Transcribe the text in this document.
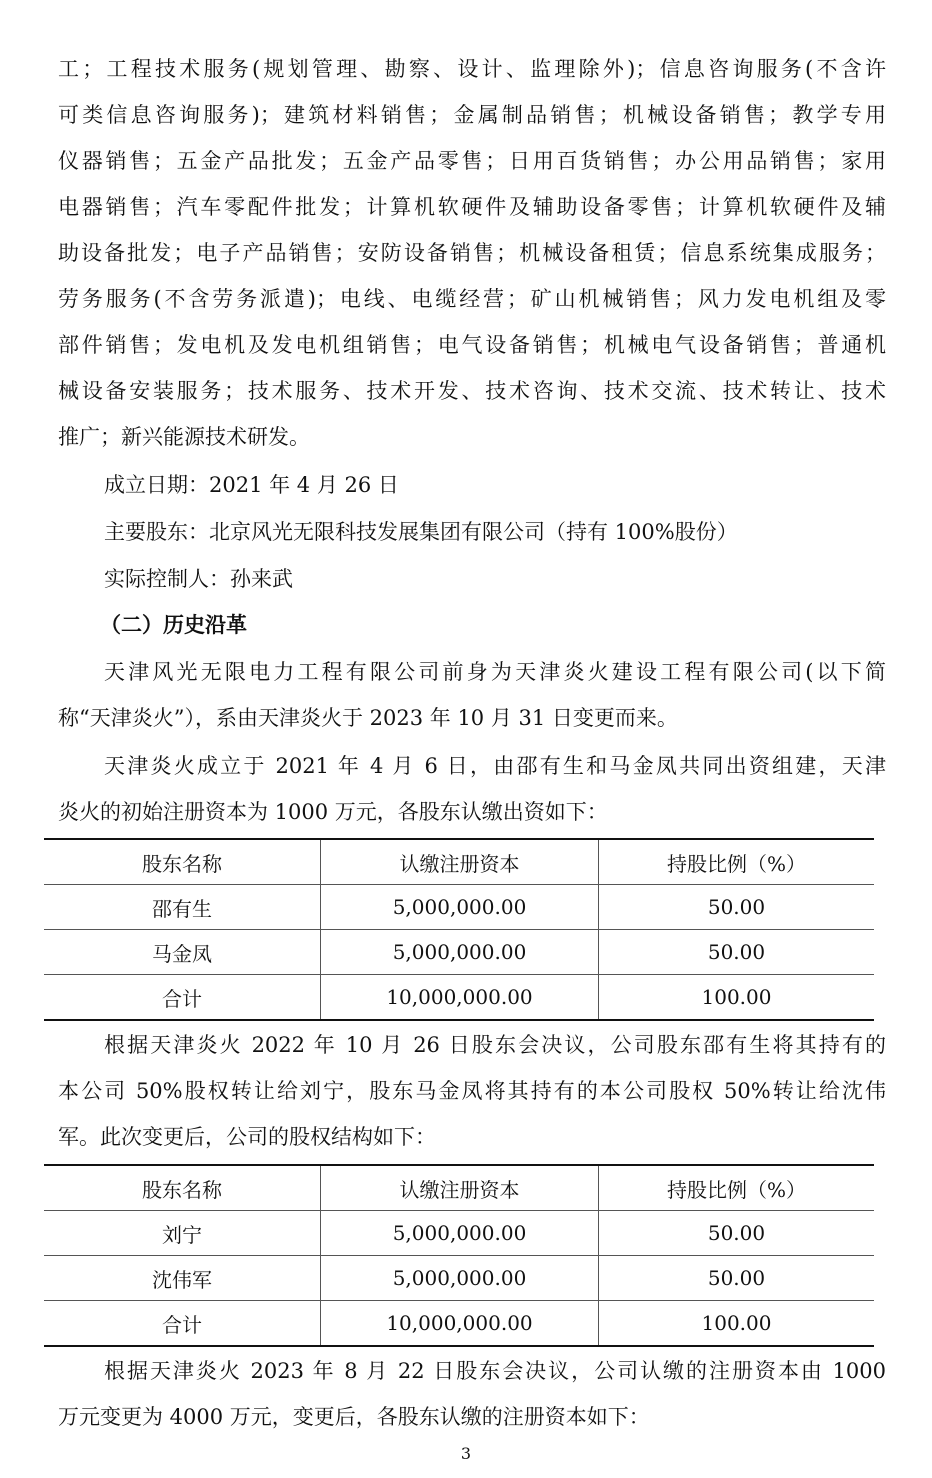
工；工程技术服务(规划管理、勘察、设计、监理除外)；信息咨询服务(不含许
可类信息咨询服务)；建筑材料销售；金属制品销售；机械设备销售；教学专用
仪器销售；五金产品批发；五金产品零售；日用百货销售；办公用品销售；家用
电器销售；汽车零配件批发；计算机软硬件及辅助设备零售；计算机软硬件及辅
助设备批发；电子产品销售；安防设备销售；机械设备租赁；信息系统集成服务；
劳务服务(不含劳务派遣)；电线、电缆经营；矿山机械销售；风力发电机组及零
部件销售；发电机及发电机组销售；电气设备销售；机械电气设备销售；普通机
械设备安装服务；技术服务、技术开发、技术咨询、技术交流、技术转让、技术
推广；新兴能源技术研发。
成立日期：2021 年 4 月 26 日
主要股东：北京风光无限科技发展集团有限公司（持有 100%股份）
实际控制人：孙来武
（二）历史沿革
天津风光无限电力工程有限公司前身为天津炎火建设工程有限公司(以下简
称“天津炎火”），系由天津炎火于 2023 年 10 月 31 日变更而来。
天津炎火成立于 2021 年 4 月 6 日，由邵有生和马金凤共同出资组建，天津
炎火的初始注册资本为 1000 万元，各股东认缴出资如下：
股东名称	认缴注册资本	持股比例（%）
邵有生	5,000,000.00	50.00
马金凤	5,000,000.00	50.00
合计	10,000,000.00	100.00
根据天津炎火 2022 年 10 月 26 日股东会决议，公司股东邵有生将其持有的
本公司 50%股权转让给刘宁，股东马金凤将其持有的本公司股权 50%转让给沈伟
军。此次变更后，公司的股权结构如下：
股东名称	认缴注册资本	持股比例（%）
刘宁	5,000,000.00	50.00
沈伟军	5,000,000.00	50.00
合计	10,000,000.00	100.00
根据天津炎火 2023 年 8 月 22 日股东会决议，公司认缴的注册资本由 1000
万元变更为 4000 万元，变更后，各股东认缴的注册资本如下：
3
